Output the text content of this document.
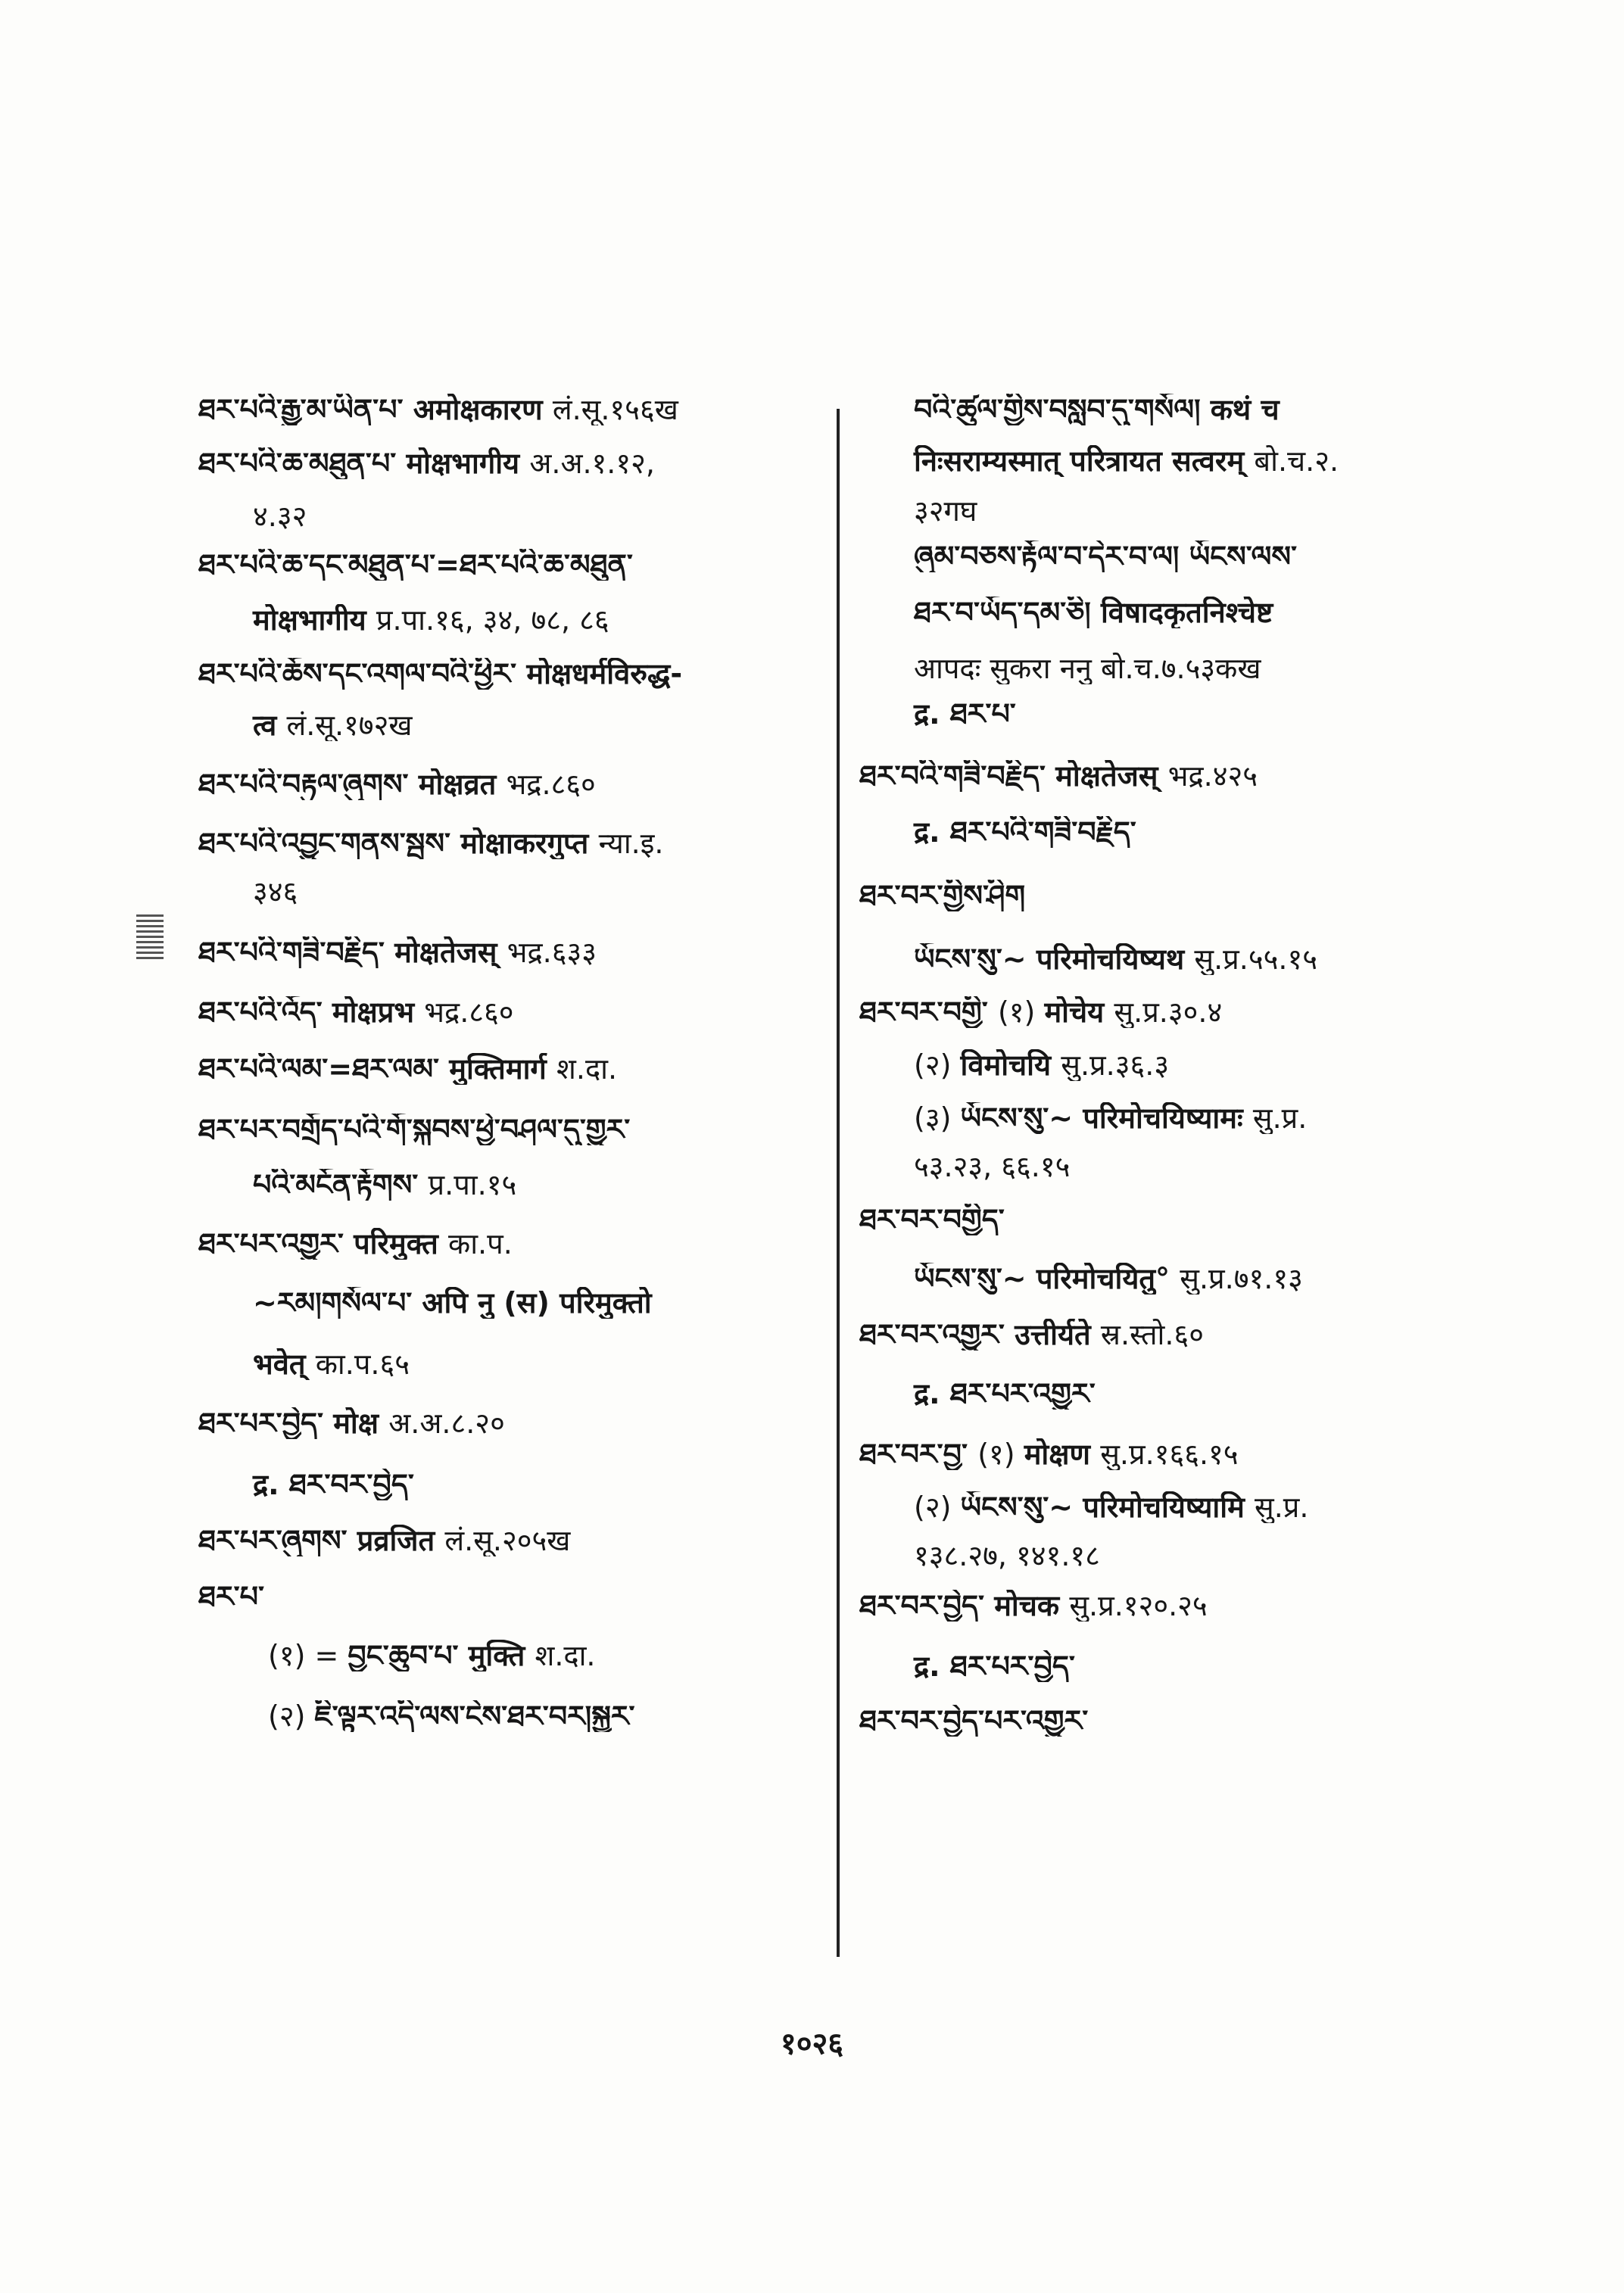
ཐར་པའི་རྒྱུ་མ་ཡིན་པ་ अमोक्षकारण लं.सू.१५६ख
ཐར་པའི་ཆ་མཐུན་པ་ मोक्षभागीय अ.अ.१.१२,
४.३२
ཐར་པའི་ཆ་དང་མཐུན་པ་=ཐར་པའི་ཆ་མཐུན་
मोक्षभागीय प्र.पा.१६, ३४, ७८, ८६
ཐར་པའི་ཆོས་དང་འགལ་བའི་ཕྱིར་ मोक्षधर्मविरुद्ध-
त्व लं.सू.१७२ख
ཐར་པའི་བརྟུལ་ཞུགས་ मोक्षव्रत भद्र.८६०
ཐར་པའི་འབྱུང་གནས་སྦས་ मोक्षाकरगुप्त न्या.इ.
३४६
ཐར་པའི་གཟི་བརྗིད་ मोक्षतेजस् भद्र.६३३
ཐར་པའི་འོད་ मोक्षप्रभ भद्र.८६०
ཐར་པའི་ལམ་=ཐར་ལམ་ मुक्तिमार्ग श.दा.
ཐར་པར་བགྲོད་པའི་གོ་སྐབས་ཕྱེ་བཤལ་དུ་གྱུར་
པའི་མངོན་རྟོགས་ प्र.पा.१५
ཐར་པར་འགྱུར་ परिमुक्त का.प.
~རམ།གསོལ་པ་ अपि नु (स) परिमुक्तो
भवेत् का.प.६५
ཐར་པར་བྱེད་ मोक्ष अ.अ.८.२०
द्र. ཐར་བར་བྱེད་
ཐར་པར་ཞུགས་ प्रव्रजित लं.सू.२०५ख
ཐར་པ་
(१) = བྱང་ཆུབ་པ་ मुक्ति श.दा.
(२) ཇི་ལྟར་འདི་ལས་ངེས་ཐར་བར།སྐྱུར་
བའི་ཚུལ་གྱིས་བསླབ་དུ་གསོལ། कथं च
निःसराम्यस्मात् परित्रायत सत्वरम् बो.च.२.
३२गघ
ཞུམ་བཅས་རྟོལ་བ་དེར་བ་ལ། ཡོངས་ལས་
ཐར་བ་ཡོད་དམ་ཅི། विषादकृतनिश्चेष्ट
आपदः सुकरा ननु बो.च.७.५३कख
द्र. ཐར་པ་
ཐར་བའི་གཟི་བརྗིད་ मोक्षतेजस् भद्र.४२५
द्र. ཐར་པའི་གཟི་བརྗིད་
ཐར་བར་གྱིས་ཤིག
ཡོངས་སུ་~ परिमोचयिष्यथ सु.प्र.५५.१५
ཐར་བར་བགྱི་ (१) मोचेय सु.प्र.३०.४
(२) विमोचयि सु.प्र.३६.३
(३) ཡོངས་སུ་~ परिमोचयिष्यामः सु.प्र.
५३.२३, ६६.१५
ཐར་བར་བགྱིད་
ཡོངས་སུ་~ परिमोचयितु° सु.प्र.७१.१३
ཐར་བར་འགྱུར་ उत्तीर्यते स्र.स्तो.६०
द्र. ཐར་པར་འགྱུར་
ཐར་བར་བྱ་ (१) मोक्षण सु.प्र.१६६.१५
(२) ཡོངས་སུ་~ परिमोचयिष्यामि सु.प्र.
१३८.२७, १४१.१८
ཐར་བར་བྱེད་ मोचक सु.प्र.१२०.२५
द्र. ཐར་པར་བྱེད་
ཐར་བར་བྱེད་པར་འགྱུར་
१०२६
